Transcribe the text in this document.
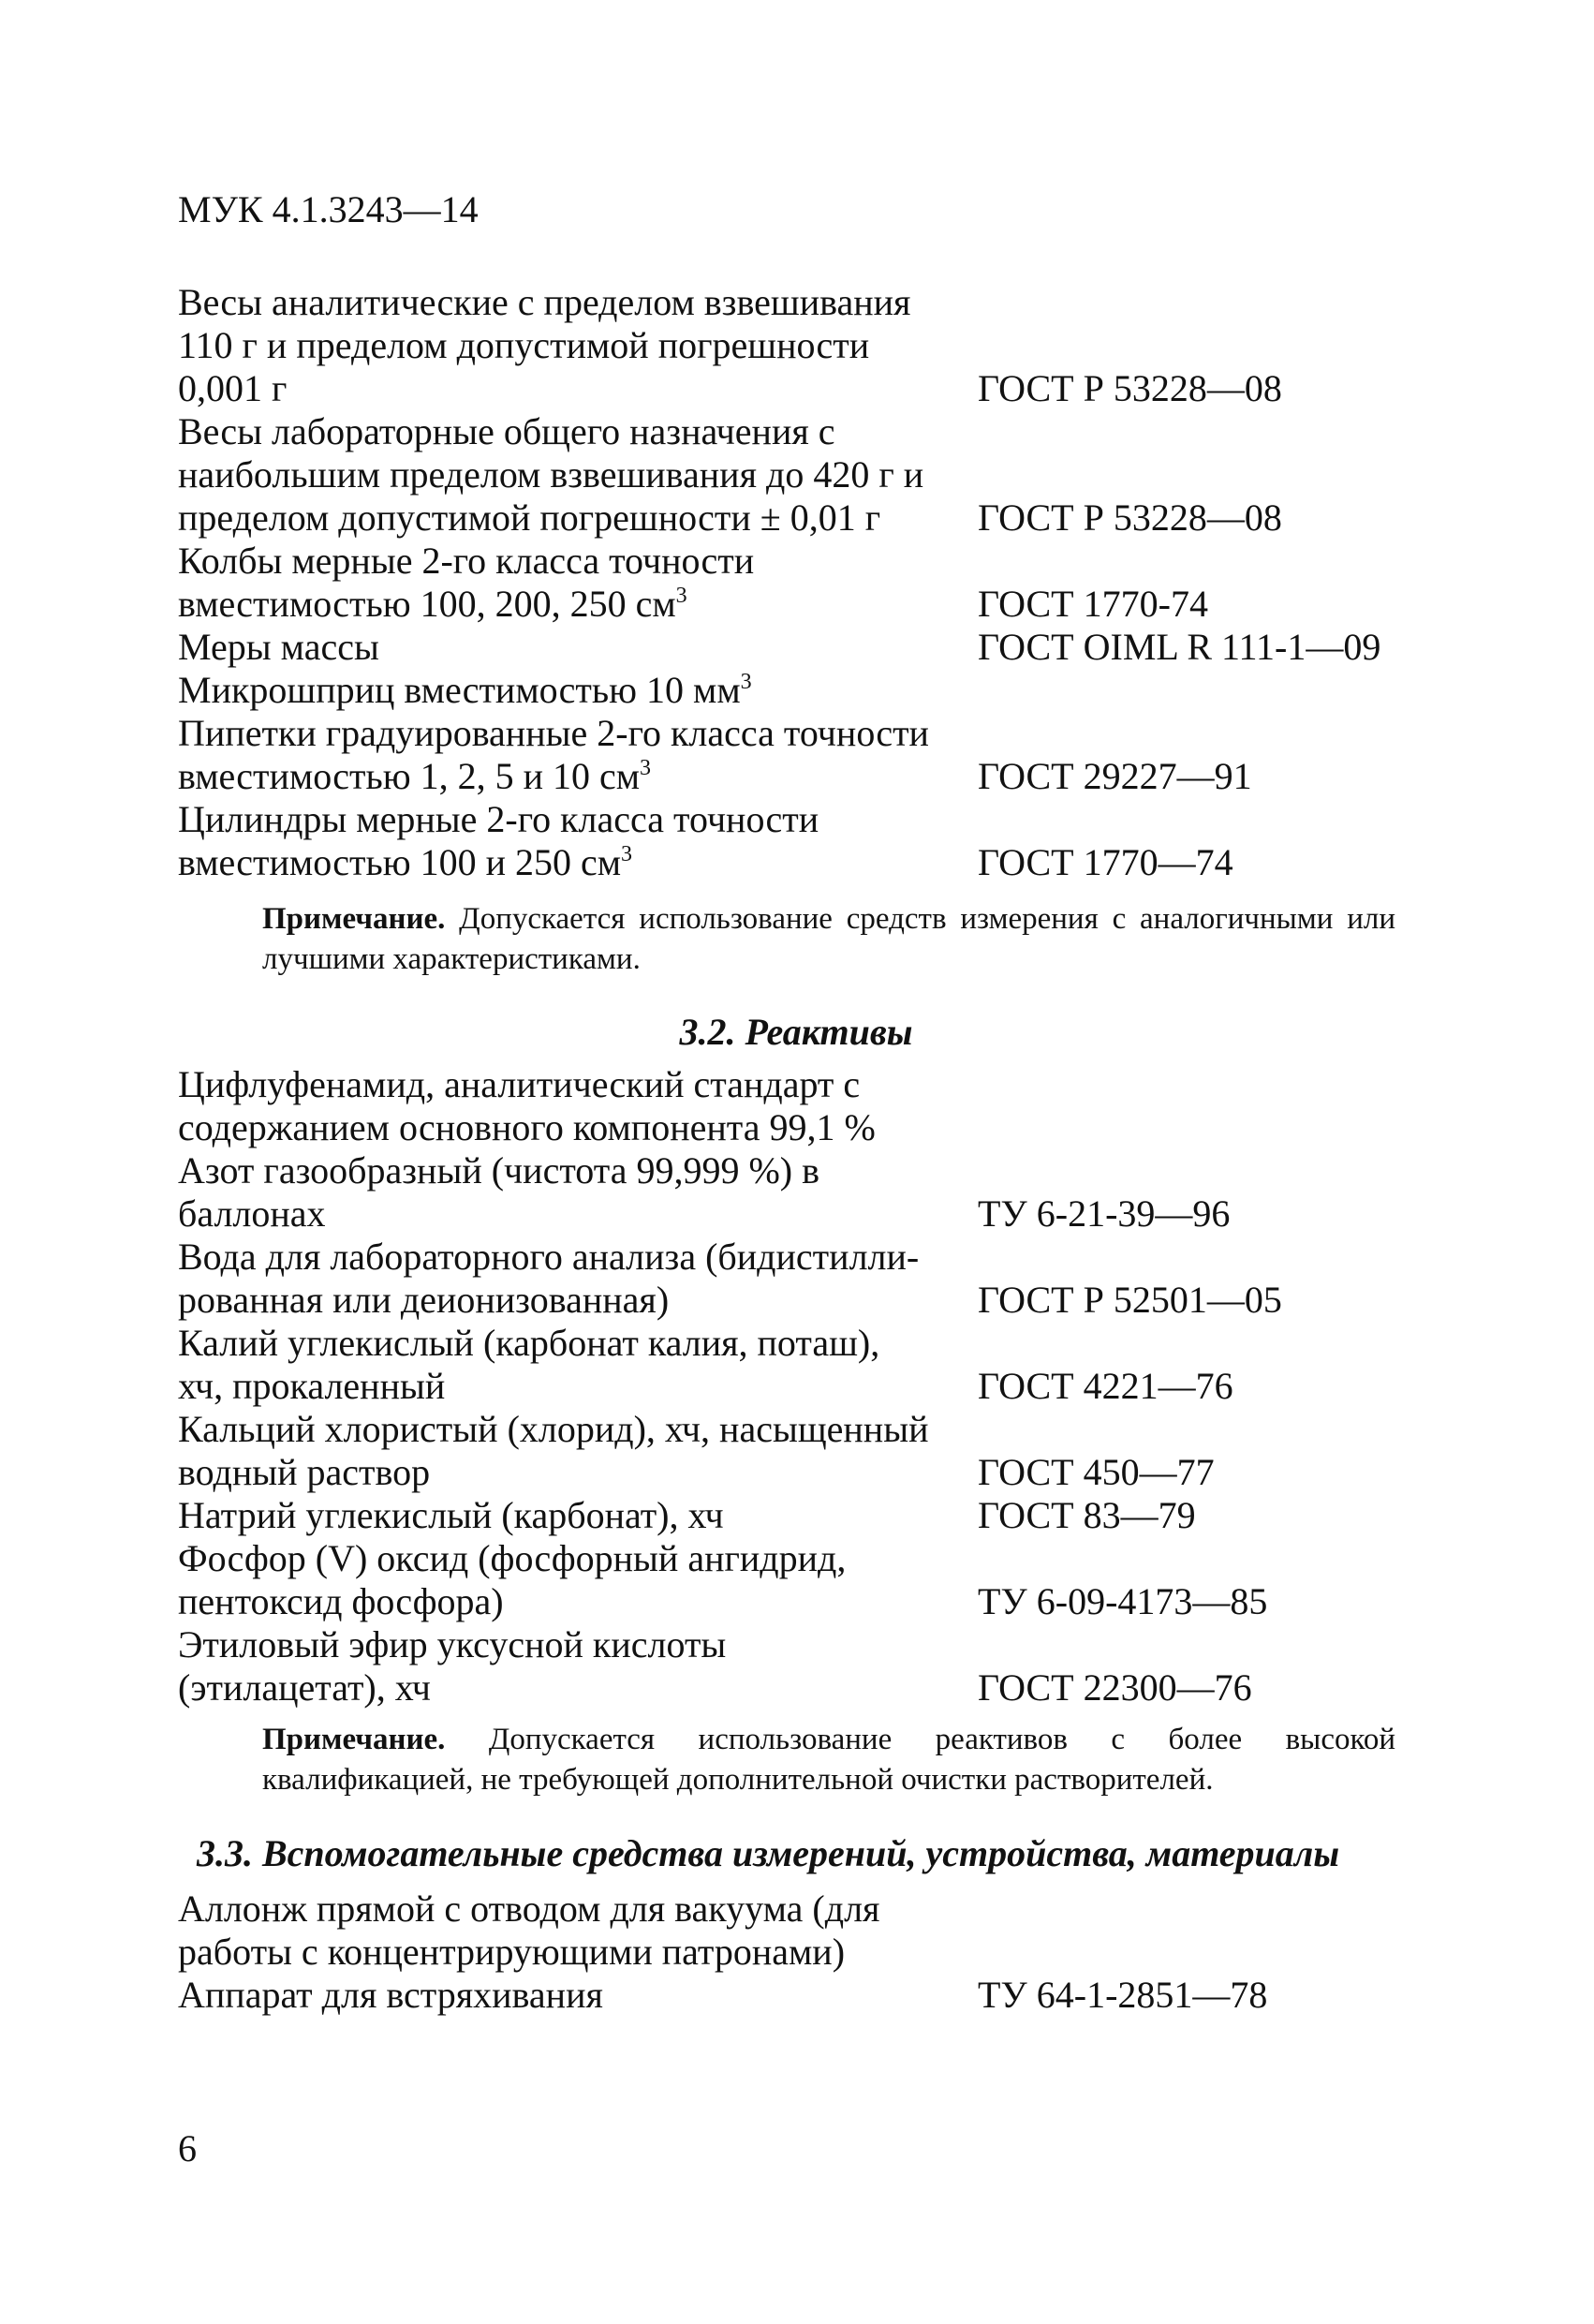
МУК 4.1.3243—14
Весы аналитические с пределом взвешивания
110 г и пределом допустимой погрешности
0,001 г	ГОСТ Р 53228—08
Весы лабораторные общего назначения с
наибольшим пределом взвешивания до 420 г и
пределом допустимой погрешности ± 0,01 г	ГОСТ Р 53228—08
Колбы мерные 2-го класса точности
вместимостью 100, 200, 250 $см^3$	ГОСТ 1770-74
Меры массы	ГОСТ OIML R 111-1—09
Микрошприц вместимостью 10 $мм^3$
Пипетки градуированные 2-го класса точности
вместимостью 1, 2, 5 и 10 $см^3$	ГОСТ 29227—91
Цилиндры мерные 2-го класса точности
вместимостью 100 и 250 $см^3$	ГОСТ 1770—74
Примечание. Допускается использование средств измерения с аналогичными или лучшими характеристиками.
3.2. Реактивы
Цифлуфенамид, аналитический стандарт с
содержанием основного компонента 99,1 %
Азот газообразный (чистота 99,999 %) в
баллонах	ТУ 6-21-39—96
Вода для лабораторного анализа (бидистилли-
рованная или деионизованная)	ГОСТ Р 52501—05
Калий углекислый (карбонат калия, поташ),
хч, прокаленный	ГОСТ 4221—76
Кальций хлористый (хлорид), хч, насыщенный
водный раствор	ГОСТ 450—77
Натрий углекислый (карбонат), хч	ГОСТ 83—79
Фосфор (V) оксид (фосфорный ангидрид,
пентоксид фосфора)	ТУ 6-09-4173—85
Этиловый эфир уксусной кислоты
(этилацетат), хч	ГОСТ 22300—76
Примечание. Допускается использование реактивов с более высокой квалификацией, не требующей дополнительной очистки растворителей.
3.3. Вспомогательные средства измерений, устройства, материалы
Аллонж прямой с отводом для вакуума (для
работы с концентрирующими патронами)
Аппарат для встряхивания	ТУ 64-1-2851—78
6
